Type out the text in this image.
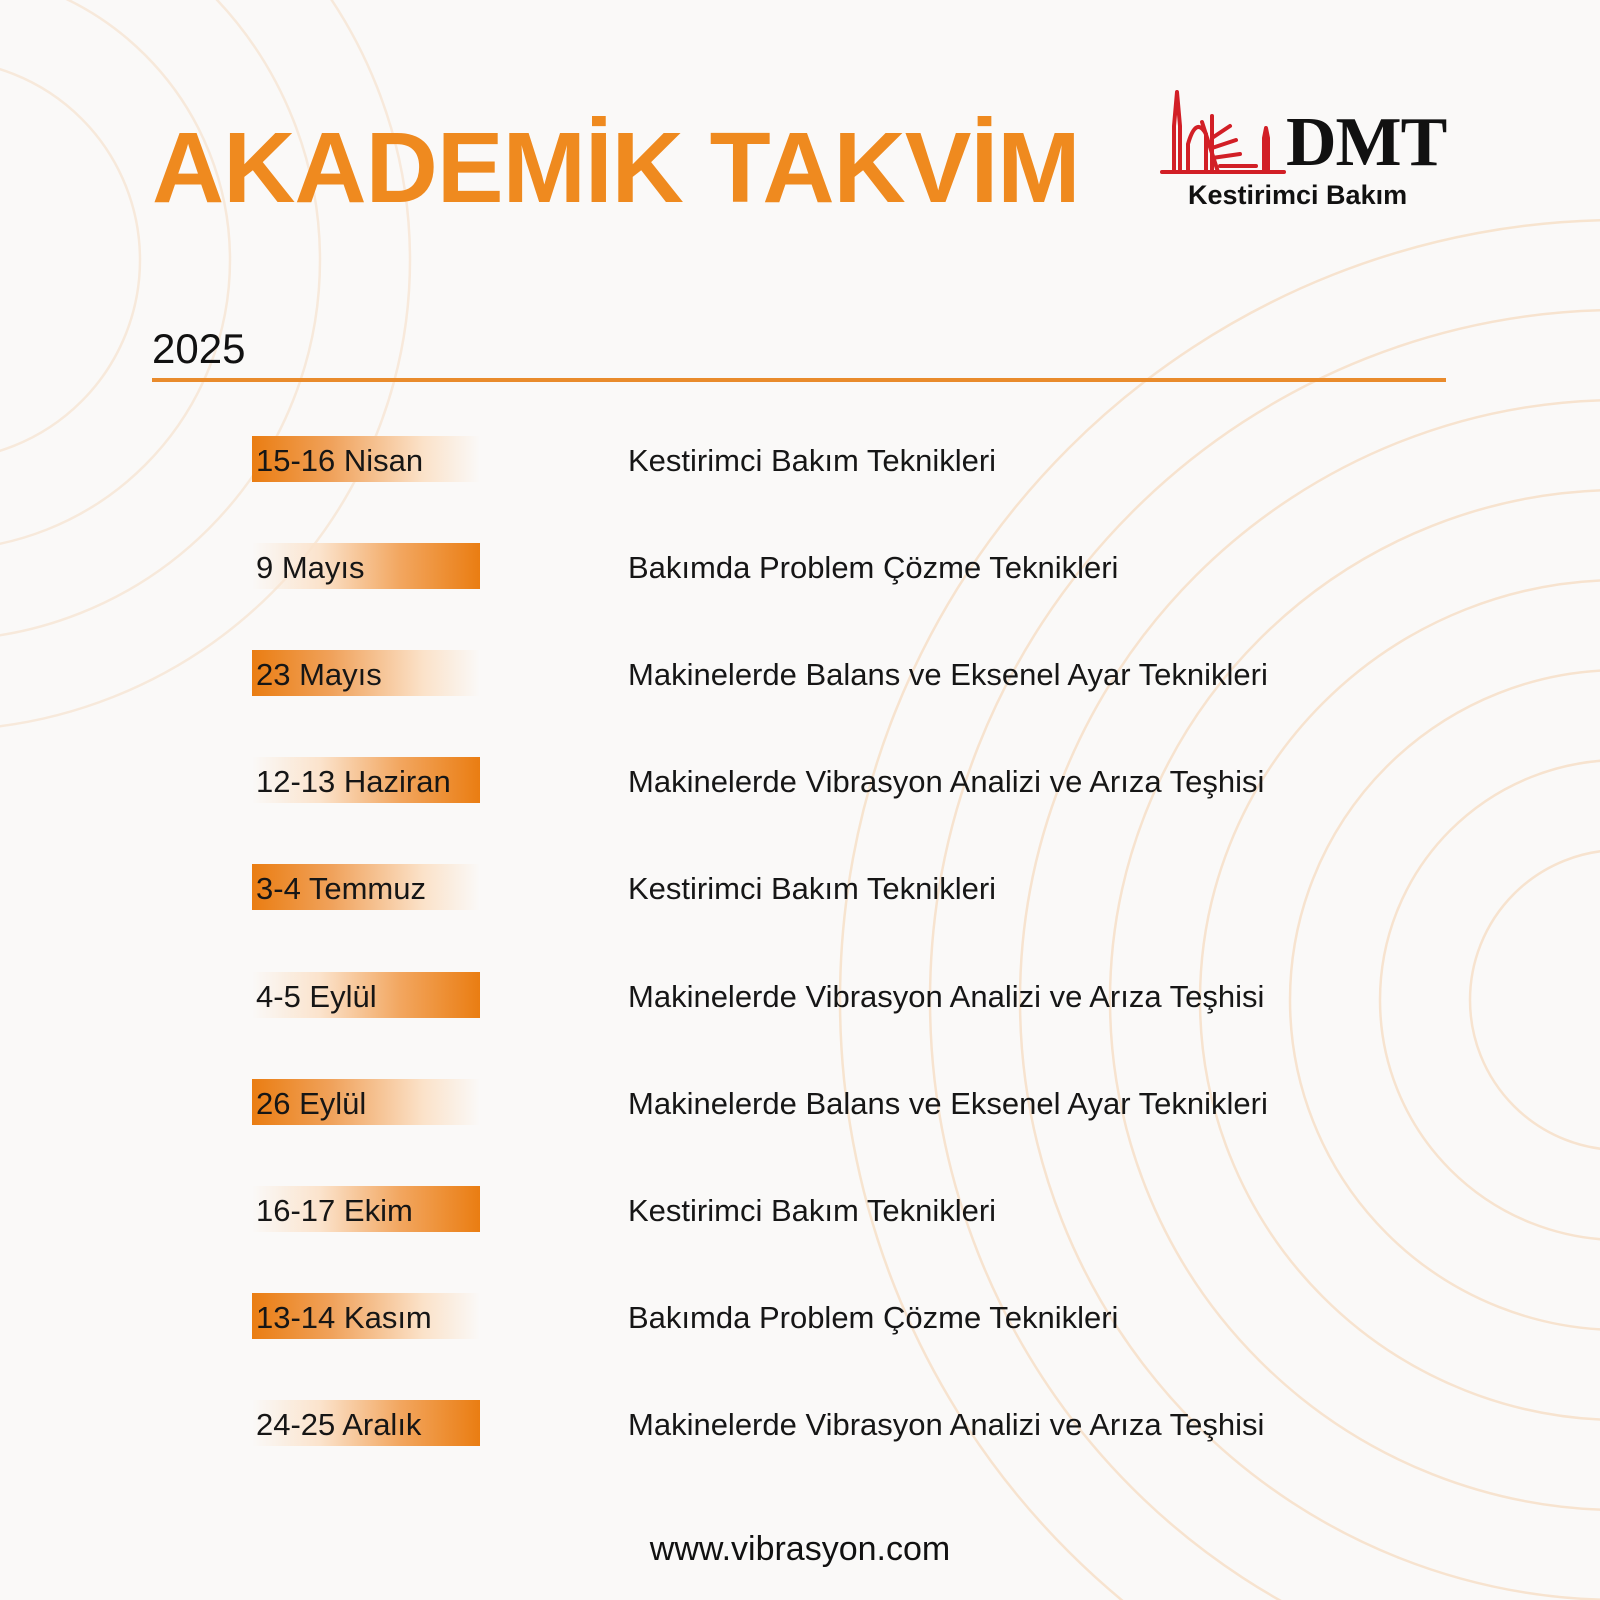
AKADEMİK TAKVİM	DMT
Kestirimci Bakım
2025
15-16 Nisan	Kestirimci Bakım Teknikleri
9 Mayıs	Bakımda Problem Çözme Teknikleri
23 Mayıs	Makinelerde Balans ve Eksenel Ayar Teknikleri
12-13 Haziran	Makinelerde Vibrasyon Analizi ve Arıza Teşhisi
3-4 Temmuz	Kestirimci Bakım Teknikleri
4-5 Eylül	Makinelerde Vibrasyon Analizi ve Arıza Teşhisi
26 Eylül	Makinelerde Balans ve Eksenel Ayar Teknikleri
16-17 Ekim	Kestirimci Bakım Teknikleri
13-14 Kasım	Bakımda Problem Çözme Teknikleri
24-25 Aralık	Makinelerde Vibrasyon Analizi ve Arıza Teşhisi
www.vibrasyon.com
